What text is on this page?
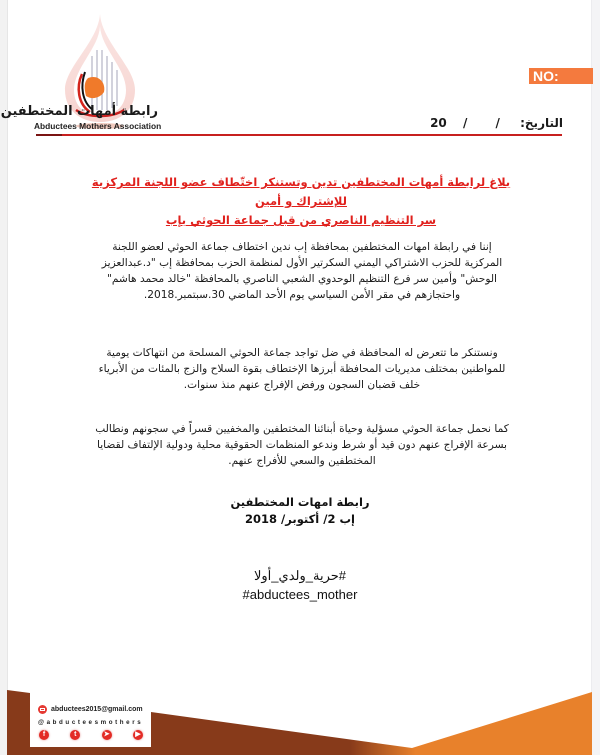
رابطة أمهات المختطفين
Abductees Mothers Association
NO:
التاريخ: / / 20
بلاغ لرابطة أمهات المختطفين تدين وتستنكر اختّطاف عضو اللجنة المركزية للإشتراك و أمين
سر التنظيم الناصري من قبل جماعة الحوثي بإب
إننا في رابطة امهات المختطفين بمحافظة إب ندين اختطاف جماعة الحوثي لعضو اللجنة
المركزية للحزب الاشتراكي اليمني السكرتير الأول لمنظمة الحزب بمحافظة إب "د.عبدالعزيز
الوحش" وأمين سر فرع التنظيم الوحدوي الشعبي الناصري بالمحافظة "خالد محمد هاشم"
واحتجازهم في مقر الأمن السياسي يوم الأحد الماضي 30.سبتمبر.2018.
ونستنكر ما تتعرض له المحافظة في ضل تواجد جماعة الحوثي المسلحة من انتهاكات يومية
للمواطنين بمختلف مديريات المحافظة أبرزها الإختطاف بقوة السلاح والزج بالمئات من الأبرياء
خلف قضبان السجون ورفض الإفراج عنهم منذ سنوات.
كما نحمل جماعة الحوثي مسؤلية وحياة أبنائنا المختطفين والمخفيين قسراً في سجونهم ونطالب
بسرعة الإفراج عنهم دون قيد أو شرط وندعو المنظمات الحقوقية محلية ودولية الإلتفاف لقضايا
المختطفين والسعي للأفراج عنهم.
رابطة امهات المختطفين
إب 2/ أكتوبر/ 2018
#حرية_ولدي_أولا
#abductees_mother
abductees2015@gmail.com
@abducteesmothers
f	t	➤	▶
